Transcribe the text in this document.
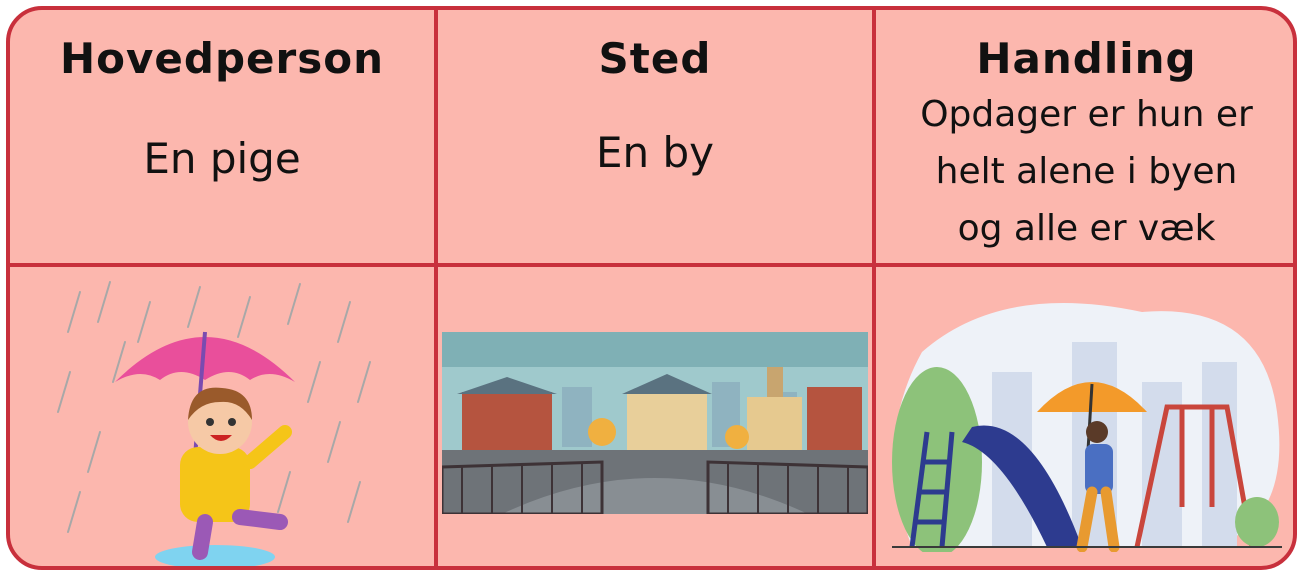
Hovedperson
En pige
Sted
En by
Handling
Opdager er hun er
helt alene i byen
og alle er væk
